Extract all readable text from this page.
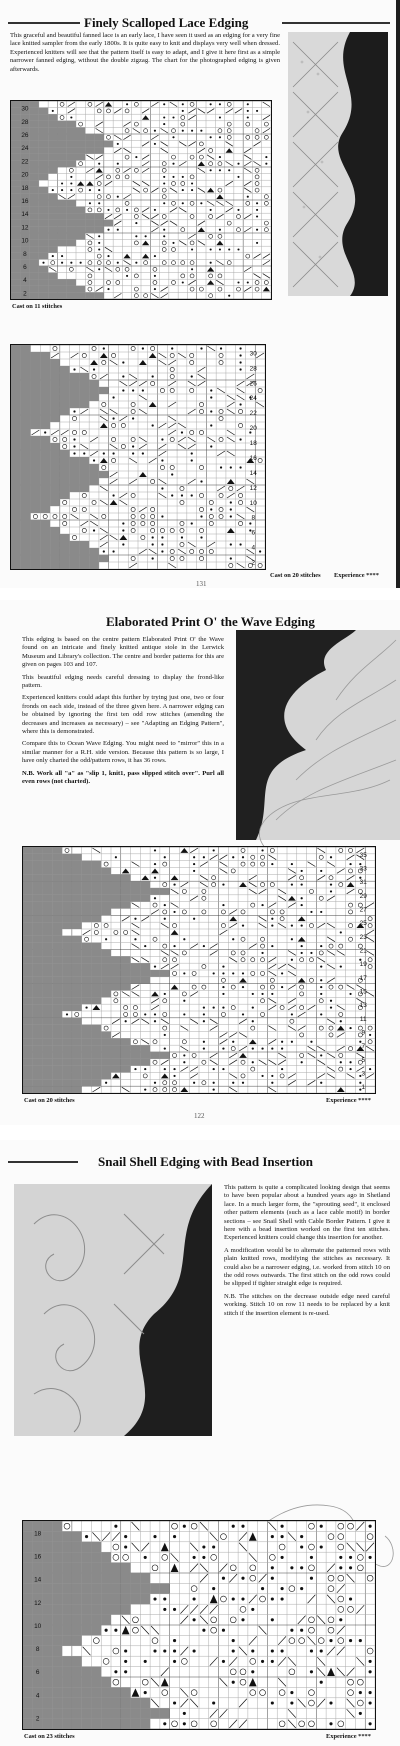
Finely Scalloped Lace Edging

This graceful and beautiful fanned lace is an early lace, I have seen it used as an edging for a very fine lace knitted sampler from the early 1800s. It is quite easy to knit and displays very well when dressed. Experienced knitters will see that the pattern itself is easy to adapt, and I give it here first as a simple narrower fanned edging, without the double zigzag. The chart for the photographed edging is given afterwards.

30
28
26
24
22
20
18
16
14
12
10
8
6
4
2
Cast on 11 stitches
30
28
26
24
22
20
18
16
14
12
10
8
6
4
2
Cast on 20 stitches Experience ****
131
Elaborated Print O' the Wave Edging

This edging is based on the centre pattern Elaborated Print O' the Wave found on an intricate and finely knitted antique stole in the Lerwick Museum and Library's collection. The centre and border patterns for this are given on pages 103 and 107.

This beautiful edging needs careful dressing to display the frond-like pattern.

Experienced knitters could adapt this further by trying just one, two or four fronds on each side, instead of the three given here. A narrower edging can be obtained by ignoring the first ten odd row stitches (amending the decreases and increases as necessary) – see "Adapting an Edging Pattern", where this is demonstrated.

Compare this to Ocean Wave Edging. You might need to "mirror" this in a similar manner for a R.H. side version. Because this pattern is so large, I have only charted the odd/pattern rows, it has 36 rows.

N.B. Work all "a" as "slip 1, knit1, pass slipped stitch over". Purl all even rows (not charted).

35
33
31
29
27
25
23
21
19
17
15
13
11
9
7
5
3
1
Cast on 20 stitches	Experience ****
122
Snail Shell Edging with Bead Insertion

This pattern is quite a complicated looking design that seems to have been popular about a hundred years ago in Shetland lace. In a much larger form, the "sprouting seed", it enclosed other pattern elements (such as a lace cable motif) in border sections – see Snail Shell with Cable Border Pattern. I give it here with a bead insertion worked on the first ten stitches. Experienced knitters could change this insertion for another.

A modification would be to alternate the patterned rows with plain knitted rows, modifying the stitches as necessary. It could also be a narrower edging, i.e. worked from stitch 10 on the odd rows outwards. The first stitch on the odd rows could be slipped if tighter straight edge is required.

N.B. The stitches on the decrease outside edge need careful working. Stitch 10 on row 11 needs to be replaced by a knit stitch if the insertion element is re-used.

18
16
14
12
10
8
6
4
2
Cast on 23 stitches	Experience ****
